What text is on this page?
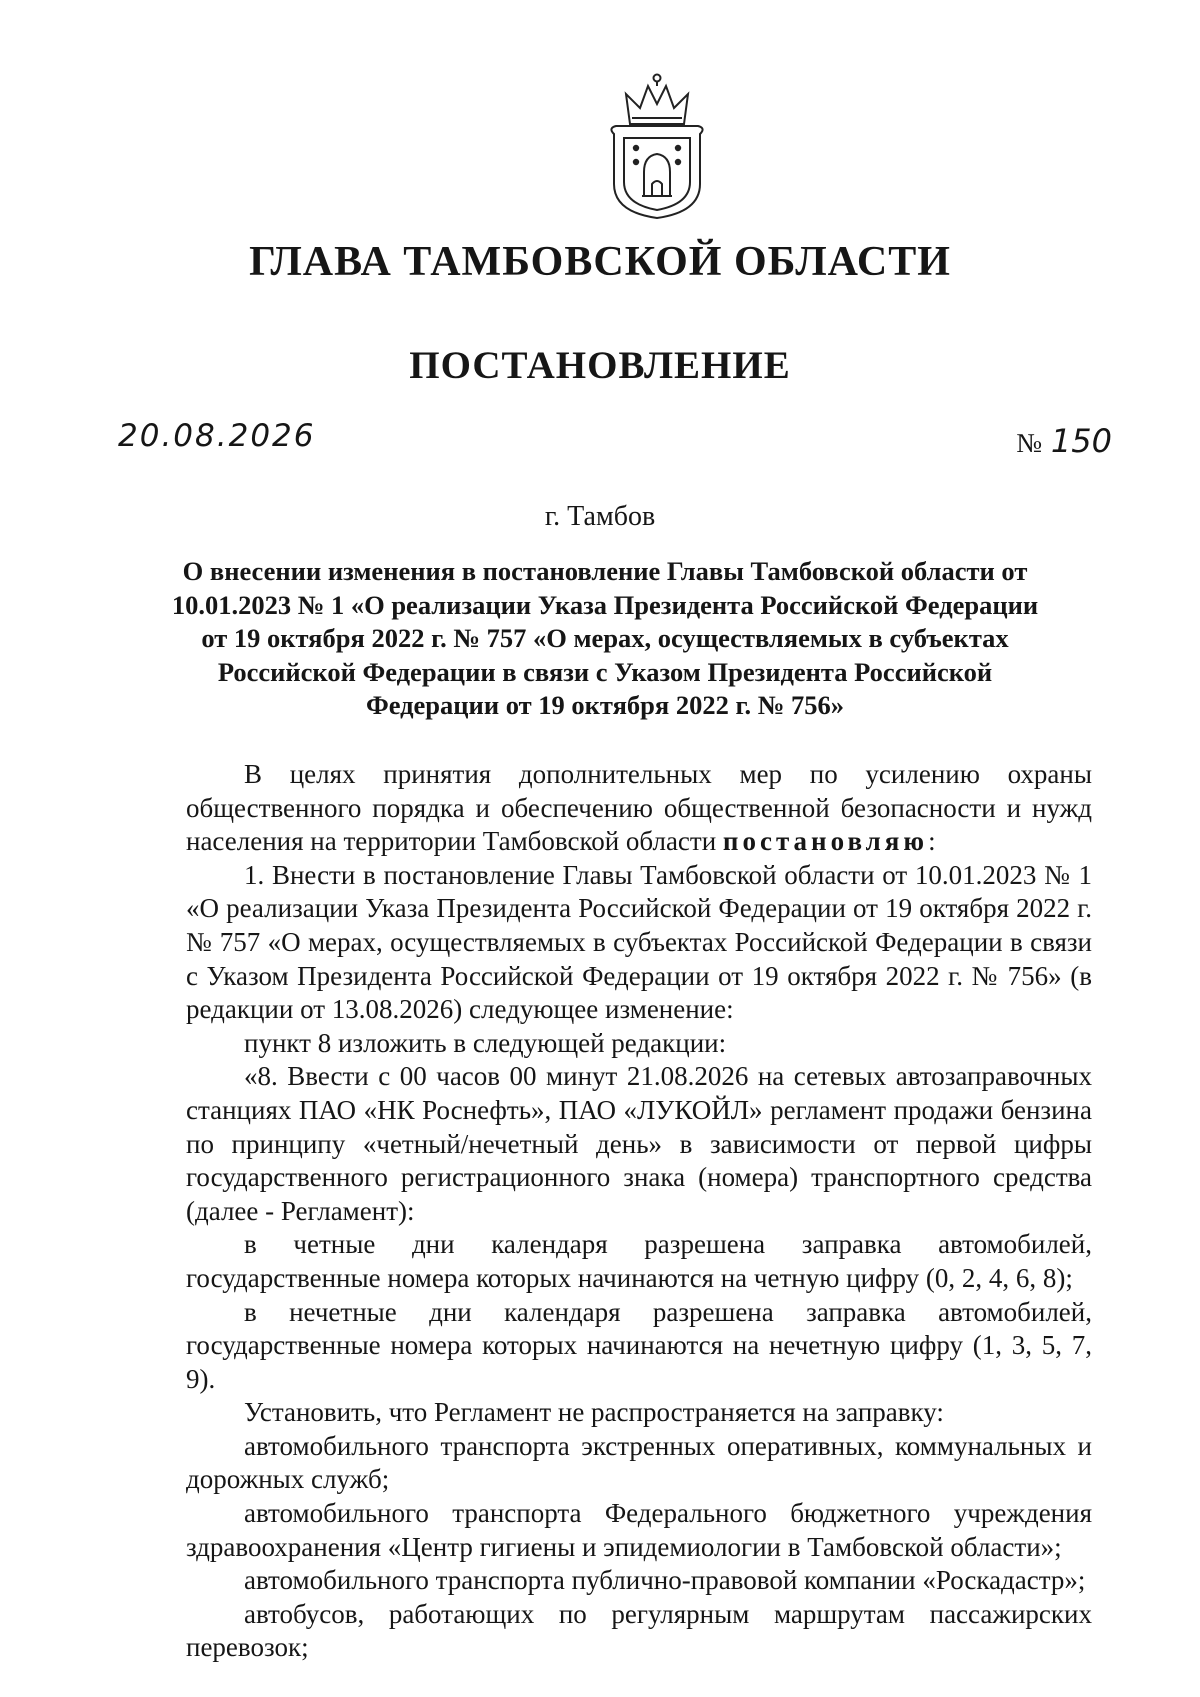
ГЛАВА ТАМБОВСКОЙ ОБЛАСТИ
ПОСТАНОВЛЕНИЕ
20.08.2026	№ 150
г. Тамбов
О внесении изменения в постановление Главы Тамбовской области от 10.01.2023 № 1 «О реализации Указа Президента Российской Федерации от 19 октября 2022 г. № 757 «О мерах, осуществляемых в субъектах Российской Федерации в связи с Указом Президента Российской Федерации от 19 октября 2022 г. № 756»

В целях принятия дополнительных мер по усилению охраны общественного порядка и обеспечению общественной безопасности и нужд населения на территории Тамбовской области постановляю:

1. Внести в постановление Главы Тамбовской области от 10.01.2023 № 1 «О реализации Указа Президента Российской Федерации от 19 октября 2022 г. № 757 «О мерах, осуществляемых в субъектах Российской Федерации в связи с Указом Президента Российской Федерации от 19 октября 2022 г. № 756» (в редакции от 13.08.2026) следующее изменение:

пункт 8 изложить в следующей редакции:

«8. Ввести с 00 часов 00 минут 21.08.2026 на сетевых автозаправочных станциях ПАО «НК Роснефть», ПАО «ЛУКОЙЛ» регламент продажи бензина по принципу «четный/нечетный день» в зависимости от первой цифры государственного регистрационного знака (номера) транспортного средства (далее - Регламент):

в четные дни календаря разрешена заправка автомобилей, государственные номера которых начинаются на четную цифру (0, 2, 4, 6, 8);

в нечетные дни календаря разрешена заправка автомобилей, государственные номера которых начинаются на нечетную цифру (1, 3, 5, 7, 9).

Установить, что Регламент не распространяется на заправку:

автомобильного транспорта экстренных оперативных, коммунальных и дорожных служб;

автомобильного транспорта Федерального бюджетного учреждения здравоохранения «Центр гигиены и эпидемиологии в Тамбовской области»;

автомобильного транспорта публично-правовой компании «Роскадастр»;

автобусов, работающих по регулярным маршрутам пассажирских перевозок;
